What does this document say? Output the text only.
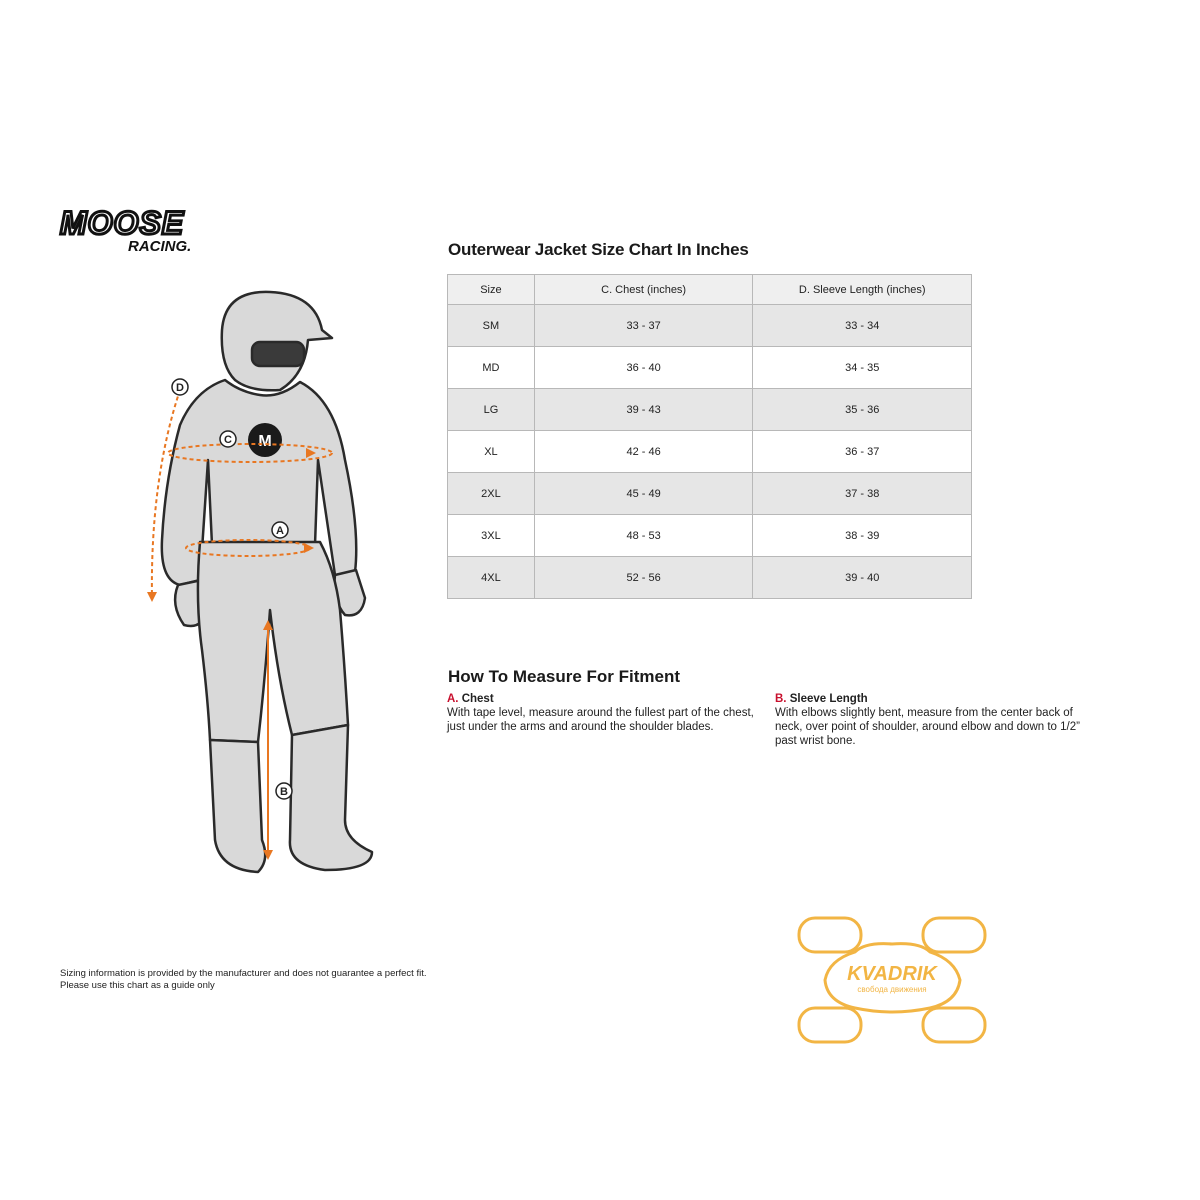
MOOSE
RACING.	Outerwear Jacket Size Chart In Inches
Size	C. Chest (inches)	D. Sleeve Length (inches)
SM	33 - 37	33 - 34
MD	36 - 40	34 - 35
LG	39 - 43	35 - 36
XL	42 - 46	36 - 37
2XL	45 - 49	37 - 38
3XL	48 - 53	38 - 39
4XL	52 - 56	39 - 40
How To Measure For Fitment
A. Chest
With tape level, measure around the fullest part of the chest, just under the arms and around the shoulder blades.
B. Sleeve Length
With elbows slightly bent, measure from the center back of neck, over point of shoulder, around elbow and down to 1/2” past wrist bone.
Sizing information is provided by the manufacturer and does not guarantee a perfect fit.
Please use this chart as a guide only
M
D
C
A
B
KVADRIK
свобода движения
